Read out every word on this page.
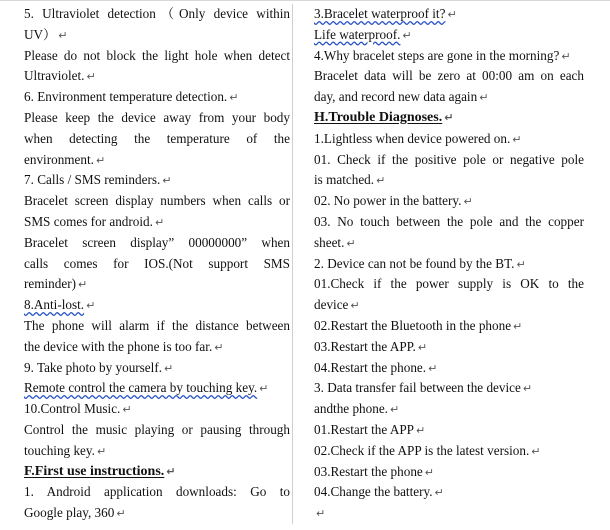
5. Ultraviolet detection（Only device within
UV） ↵
Please do not block the light hole when detect
Ultraviolet. ↵
6. Environment temperature detection. ↵
Please keep the device away from your body
when detecting the temperature of the
environment. ↵
7. Calls / SMS reminders. ↵
Bracelet screen display numbers when calls or
SMS comes for android. ↵
Bracelet screen display” 00000000” when
calls comes for IOS.(Not support SMS
reminder) ↵
8.Anti-lost. ↵
The phone will alarm if the distance between
the device with the phone is too far. ↵
9. Take photo by yourself. ↵
Remote control the camera by touching key. ↵
10.Control Music. ↵
Control the music playing or pausing through
touching key. ↵
F.First use instructions. ↵
1. Android application downloads: Go to
Google play, 360 ↵
3.Bracelet waterproof it? ↵
Life waterproof. ↵
4.Why bracelet steps are gone in the morning? ↵
Bracelet data will be zero at 00:00 am on each
day, and record new data again ↵
H.Trouble Diagnoses. ↵
1.Lightless when device powered on. ↵
01. Check if the positive pole or negative pole
is matched. ↵
02. No power in the battery. ↵
03. No touch between the pole and the copper
sheet. ↵
2. Device can not be found by the BT. ↵
01.Check if the power supply is OK to the
device ↵
02.Restart the Bluetooth in the phone ↵
03.Restart the APP. ↵
04.Restart the phone. ↵
3. Data transfer fail between the device ↵
andthe phone. ↵
01.Restart the APP ↵
02.Check if the APP is the latest version. ↵
03.Restart the phone ↵
04.Change the battery. ↵
↵
